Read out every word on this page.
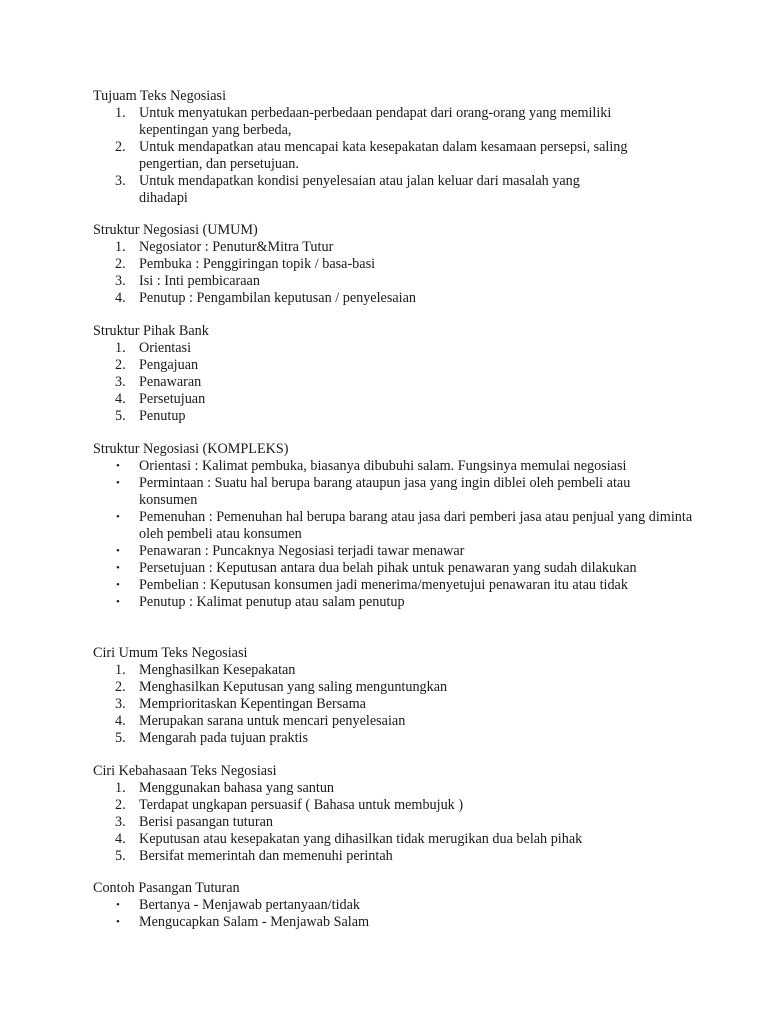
Tujuam Teks Negosiasi
1. Untuk menyatukan perbedaan-perbedaan pendapat dari orang-orang yang memiliki kepentingan yang berbeda,
2. Untuk mendapatkan atau mencapai kata kesepakatan dalam kesamaan persepsi, saling pengertian, dan persetujuan.
3. Untuk mendapatkan kondisi penyelesaian atau jalan keluar dari masalah yang dihadapi
Struktur Negosiasi (UMUM)
1. Negosiator : Penutur&Mitra Tutur
2. Pembuka : Penggiringan topik / basa-basi
3. Isi : Inti pembicaraan
4. Penutup : Pengambilan keputusan / penyelesaian
Struktur Pihak Bank
1. Orientasi
2. Pengajuan
3. Penawaran
4. Persetujuan
5. Penutup
Struktur Negosiasi (KOMPLEKS)
•	Orientasi : Kalimat pembuka, biasanya dibubuhi salam. Fungsinya memulai negosiasi
•	Permintaan : Suatu hal berupa barang ataupun jasa yang ingin diblei oleh pembeli atau konsumen
•	Pemenuhan : Pemenuhan hal berupa barang atau jasa dari pemberi jasa atau penjual yang diminta oleh pembeli atau konsumen
•	Penawaran : Puncaknya Negosiasi terjadi tawar menawar
•	Persetujuan : Keputusan antara dua belah pihak untuk penawaran yang sudah dilakukan
•	Pembelian : Keputusan konsumen jadi menerima/menyetujui penawaran itu atau tidak
•	Penutup : Kalimat penutup atau salam penutup
Ciri Umum Teks Negosiasi
1. Menghasilkan Kesepakatan
2. Menghasilkan Keputusan yang saling menguntungkan
3. Memprioritaskan Kepentingan Bersama
4. Merupakan sarana untuk mencari penyelesaian
5. Mengarah pada tujuan praktis
Ciri Kebahasaan Teks Negosiasi
1. Menggunakan bahasa yang santun
2. Terdapat ungkapan persuasif ( Bahasa untuk membujuk )
3. Berisi pasangan tuturan
4. Keputusan atau kesepakatan yang dihasilkan tidak merugikan dua belah pihak
5. Bersifat memerintah dan memenuhi perintah
Contoh Pasangan Tuturan
•	Bertanya - Menjawab pertanyaan/tidak
•	Mengucapkan Salam - Menjawab Salam
